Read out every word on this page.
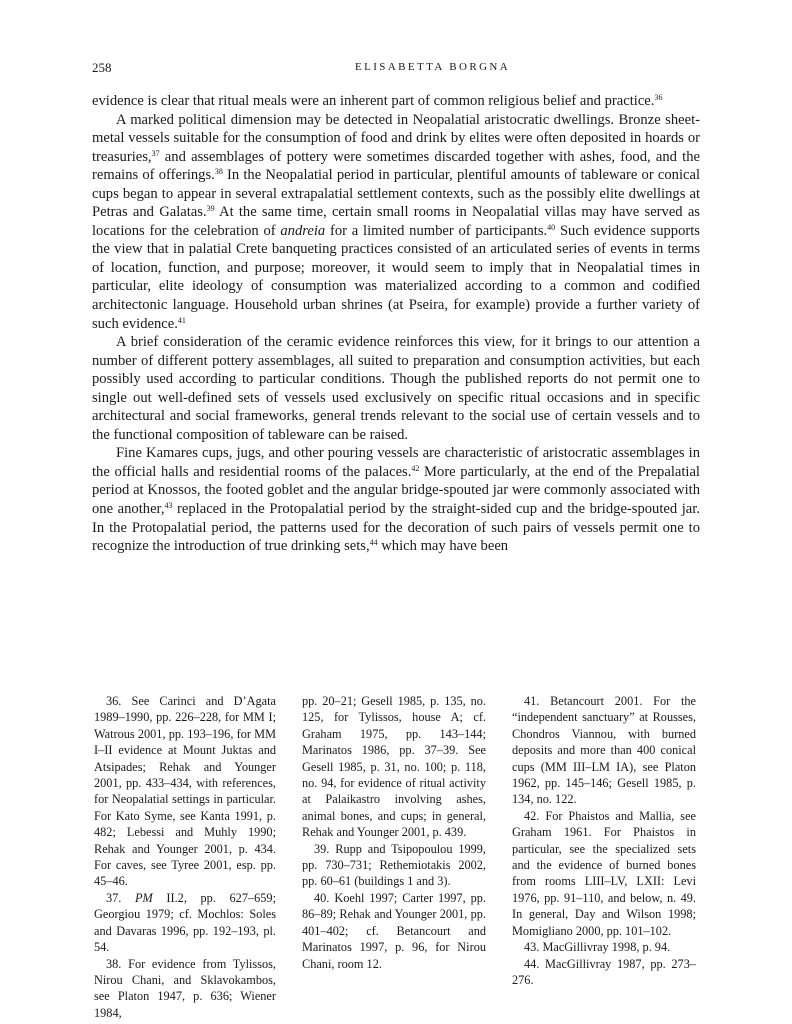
258	ELISABETTA BORGNA

evidence is clear that ritual meals were an inherent part of common religious belief and practice.$^{36}$

A marked political dimension may be detected in Neopalatial aristocratic dwellings. Bronze sheet-metal vessels suitable for the consumption of food and drink by elites were often deposited in hoards or treasuries,$^{37}$ and assemblages of pottery were sometimes discarded together with ashes, food, and the remains of offerings.$^{38}$ In the Neopalatial period in particular, plentiful amounts of tableware or conical cups began to appear in several extrapalatial settlement contexts, such as the possibly elite dwellings at Petras and Galatas.$^{39}$ At the same time, certain small rooms in Neopalatial villas may have served as locations for the celebration of andreia for a limited number of participants.$^{40}$ Such evidence supports the view that in palatial Crete banqueting practices consisted of an articulated series of events in terms of location, function, and purpose; moreover, it would seem to imply that in Neopalatial times in particular, elite ideology of consumption was materialized according to a common and codified architectonic language. Household urban shrines (at Pseira, for example) provide a further variety of such evidence.$^{41}$

A brief consideration of the ceramic evidence reinforces this view, for it brings to our attention a number of different pottery assemblages, all suited to preparation and consumption activities, but each possibly used according to particular conditions. Though the published reports do not permit one to single out well-defined sets of vessels used exclusively on specific ritual occasions and in specific architectural and social frameworks, general trends relevant to the social use of certain vessels and to the functional composition of tableware can be raised.

Fine Kamares cups, jugs, and other pouring vessels are characteristic of aristocratic assemblages in the official halls and residential rooms of the palaces.$^{42}$ More particularly, at the end of the Prepalatial period at Knossos, the footed goblet and the angular bridge-spouted jar were commonly associated with one another,$^{43}$ replaced in the Protopalatial period by the straight-sided cup and the bridge-spouted jar. In the Protopalatial period, the patterns used for the decoration of such pairs of vessels permit one to recognize the introduction of true drinking sets,$^{44}$ which may have been

36. See Carinci and D’Agata 1989–1990, pp. 226–228, for MM I; Watrous 2001, pp. 193–196, for MM I–II evidence at Mount Juktas and Atsipades; Rehak and Younger 2001, pp. 433–434, with references, for Neopalatial settings in particular. For Kato Syme, see Kanta 1991, p. 482; Lebessi and Muhly 1990; Rehak and Younger 2001, p. 434. For caves, see Tyree 2001, esp. pp. 45–46.

37. PM II.2, pp. 627–659; Georgiou 1979; cf. Mochlos: Soles and Davaras 1996, pp. 192–193, pl. 54.

38. For evidence from Tylissos, Nirou Chani, and Sklavokambos, see Platon 1947, p. 636; Wiener 1984,

pp. 20–21; Gesell 1985, p. 135, no. 125, for Tylissos, house A; cf. Graham 1975, pp. 143–144; Marinatos 1986, pp. 37–39. See Gesell 1985, p. 31, no. 100; p. 118, no. 94, for evidence of ritual activity at Palaikastro involving ashes, animal bones, and cups; in general, Rehak and Younger 2001, p. 439.

39. Rupp and Tsipopoulou 1999, pp. 730–731; Rethemiotakis 2002, pp. 60–61 (buildings 1 and 3).

40. Koehl 1997; Carter 1997, pp. 86–89; Rehak and Younger 2001, pp. 401–402; cf. Betancourt and Marinatos 1997, p. 96, for Nirou Chani, room 12.

41. Betancourt 2001. For the “independent sanctuary” at Rousses, Chondros Viannou, with burned deposits and more than 400 conical cups (MM III–LM IA), see Platon 1962, pp. 145–146; Gesell 1985, p. 134, no. 122.

42. For Phaistos and Mallia, see Graham 1961. For Phaistos in particular, see the specialized sets and the evidence of burned bones from rooms LIII–LV, LXII: Levi 1976, pp. 91–110, and below, n. 49. In general, Day and Wilson 1998; Momigliano 2000, pp. 101–102.

43. MacGillivray 1998, p. 94.

44. MacGillivray 1987, pp. 273–276.
